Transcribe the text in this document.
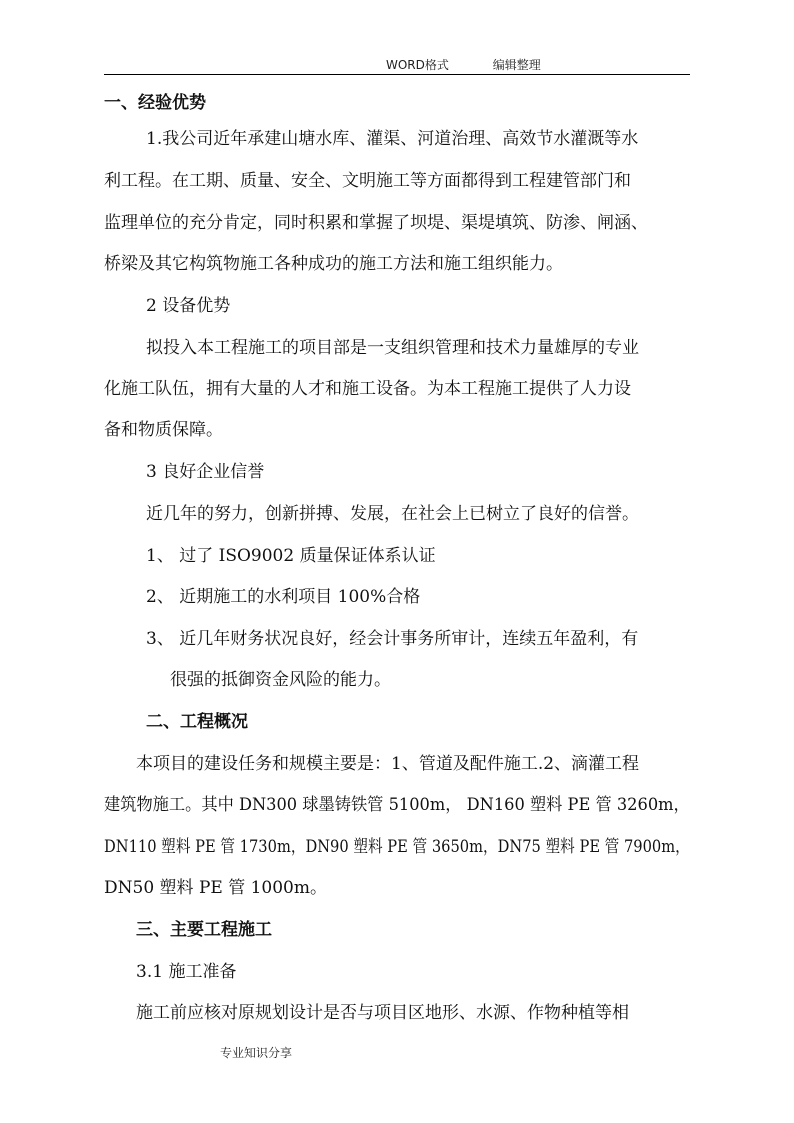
WORD格式	编辑整理
一、经验优势
1.我公司近年承建山塘水库、灌渠、河道治理、高效节水灌溉等水
利工程。在工期、质量、安全、文明施工等方面都得到工程建管部门和
监理单位的充分肯定，同时积累和掌握了坝堤、渠堤填筑、防渗、闸涵、
桥梁及其它构筑物施工各种成功的施工方法和施工组织能力。
2 设备优势
拟投入本工程施工的项目部是一支组织管理和技术力量雄厚的专业
化施工队伍，拥有大量的人才和施工设备。为本工程施工提供了人力设
备和物质保障。
3 良好企业信誉
近几年的努力，创新拼搏、发展，在社会上已树立了良好的信誉。
1、 过了 ISO9002 质量保证体系认证
2、 近期施工的水利项目 100%合格
3、 近几年财务状况良好，经会计事务所审计，连续五年盈利，有
很强的抵御资金风险的能力。
二、工程概况
本项目的建设任务和规模主要是：1、管道及配件施工.2、滴灌工程
建筑物施工。其中 DN300 球墨铸铁管 5100m， DN160 塑料 PE 管 3260m，
DN110 塑料 PE 管 1730m，DN90 塑料 PE 管 3650m，DN75 塑料 PE 管 7900m，
DN50 塑料 PE 管 1000m。
三、主要工程施工
3.1 施工准备
施工前应核对原规划设计是否与项目区地形、水源、作物种植等相
专业知识分享
